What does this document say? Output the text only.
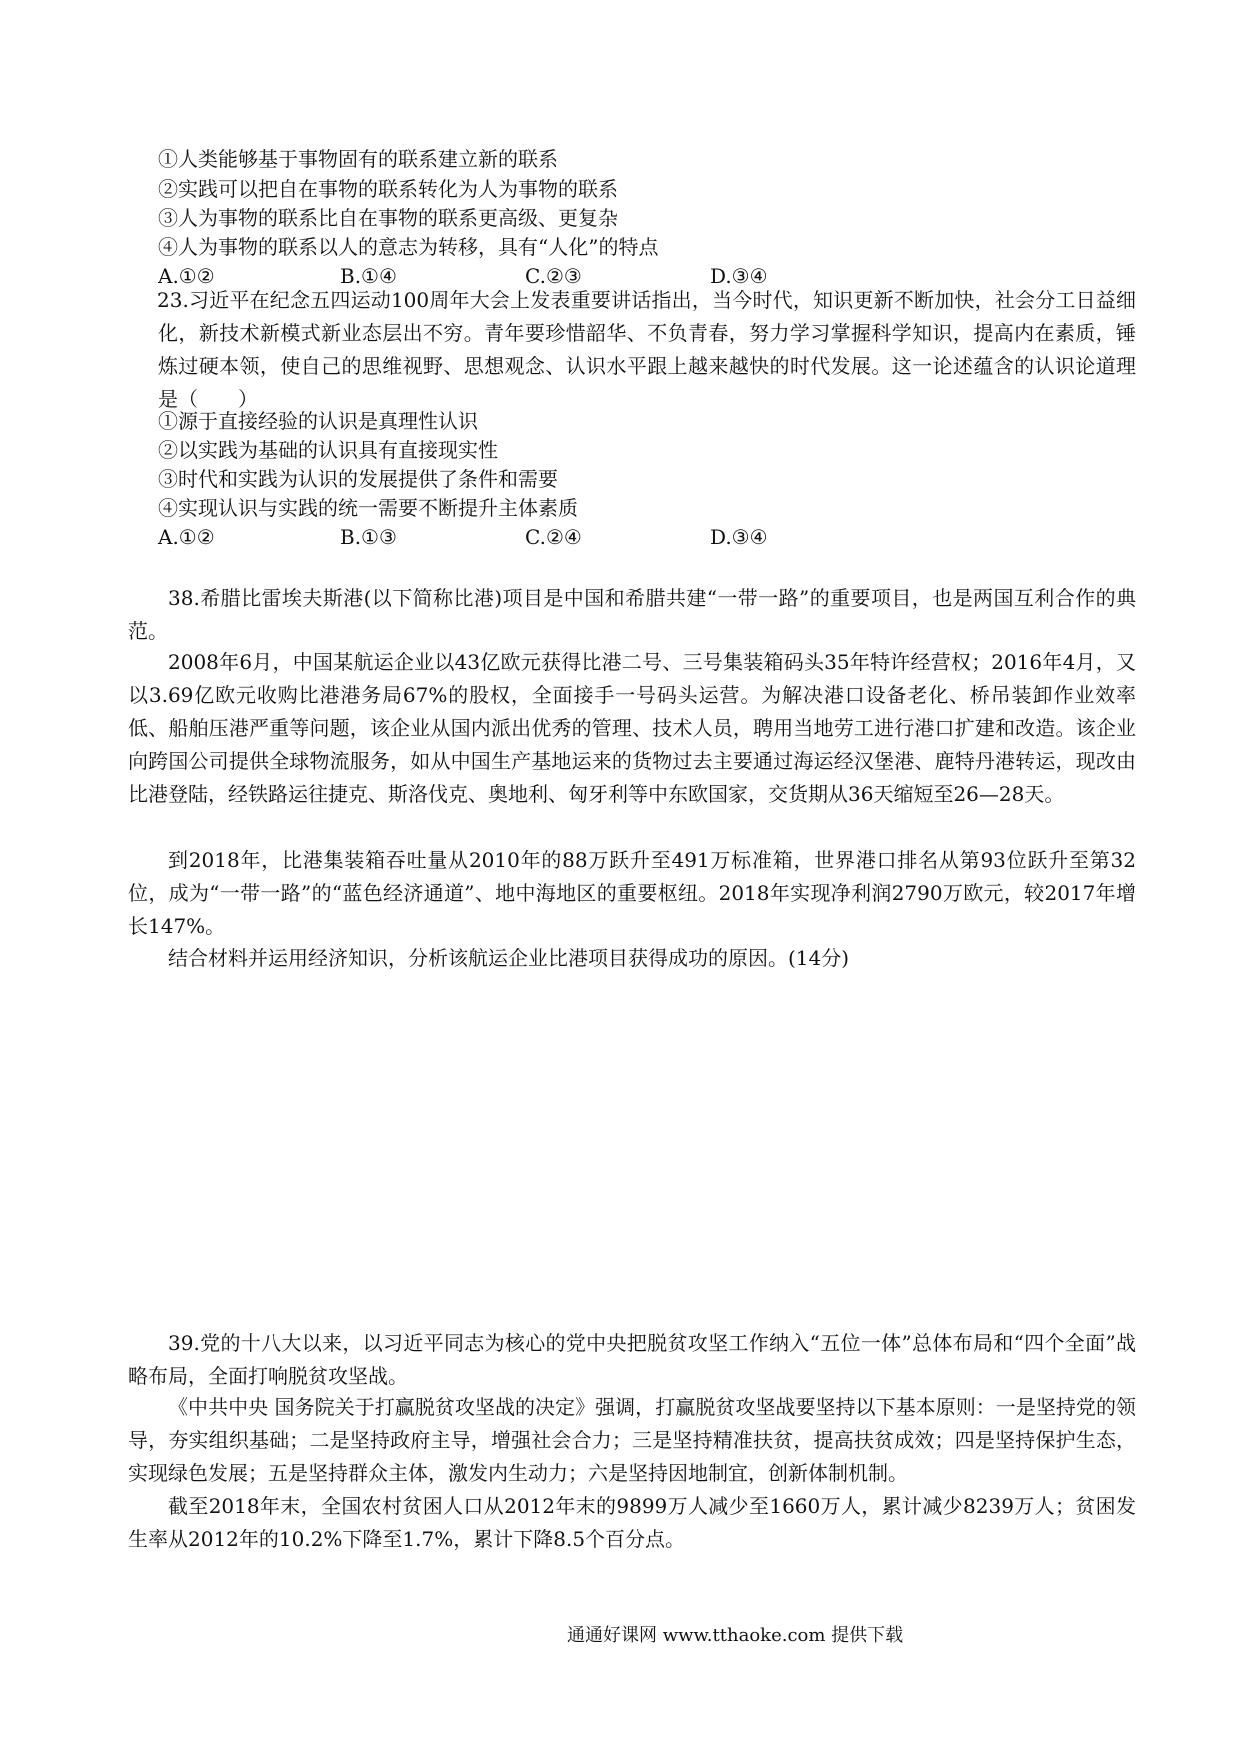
①人类能够基于事物固有的联系建立新的联系
②实践可以把自在事物的联系转化为人为事物的联系
③人为事物的联系比自在事物的联系更高级、更复杂
④人为事物的联系以人的意志为转移，具有“人化”的特点
A.①②	B.①④	C.②③	D.③④
23.习近平在纪念五四运动100周年大会上发表重要讲话指出，当今时代，知识更新不断加快，社会分工日益细化，新技术新模式新业态层出不穷。青年要珍惜韶华、不负青春，努力学习掌握科学知识，提高内在素质，锤炼过硬本领，使自己的思维视野、思想观念、认识水平跟上越来越快的时代发展。这一论述蕴含的认识论道理是（　　）
①源于直接经验的认识是真理性认识
②以实践为基础的认识具有直接现实性
③时代和实践为认识的发展提供了条件和需要
④实现认识与实践的统一需要不断提升主体素质
A.①②	B.①③	C.②④	D.③④
38.希腊比雷埃夫斯港(以下简称比港)项目是中国和希腊共建“一带一路”的重要项目，也是两国互利合作的典范。
2008年6月，中国某航运企业以43亿欧元获得比港二号、三号集装箱码头35年特许经营权；2016年4月，又以3.69亿欧元收购比港港务局67%的股权，全面接手一号码头运营。为解决港口设备老化、桥吊装卸作业效率低、船舶压港严重等问题，该企业从国内派出优秀的管理、技术人员，聘用当地劳工进行港口扩建和改造。该企业向跨国公司提供全球物流服务，如从中国生产基地运来的货物过去主要通过海运经汉堡港、鹿特丹港转运，现改由比港登陆，经铁路运往捷克、斯洛伐克、奥地利、匈牙利等中东欧国家，交货期从36天缩短至26—28天。
到2018年，比港集装箱吞吐量从2010年的88万跃升至491万标准箱，世界港口排名从第93位跃升至第32位，成为“一带一路”的“蓝色经济通道”、地中海地区的重要枢纽。2018年实现净利润2790万欧元，较2017年增长147%。
结合材料并运用经济知识，分析该航运企业比港项目获得成功的原因。(14分)
39.党的十八大以来，以习近平同志为核心的党中央把脱贫攻坚工作纳入“五位一体”总体布局和“四个全面”战略布局，全面打响脱贫攻坚战。
《中共中央 国务院关于打赢脱贫攻坚战的决定》强调，打赢脱贫攻坚战要坚持以下基本原则：一是坚持党的领导，夯实组织基础；二是坚持政府主导，增强社会合力；三是坚持精准扶贫，提高扶贫成效；四是坚持保护生态，实现绿色发展；五是坚持群众主体，激发内生动力；六是坚持因地制宜，创新体制机制。
截至2018年末，全国农村贫困人口从2012年末的9899万人减少至1660万人，累计减少8239万人；贫困发生率从2012年的10.2%下降至1.7%，累计下降8.5个百分点。
通通好课网 www.tthaoke.com 提供下载
